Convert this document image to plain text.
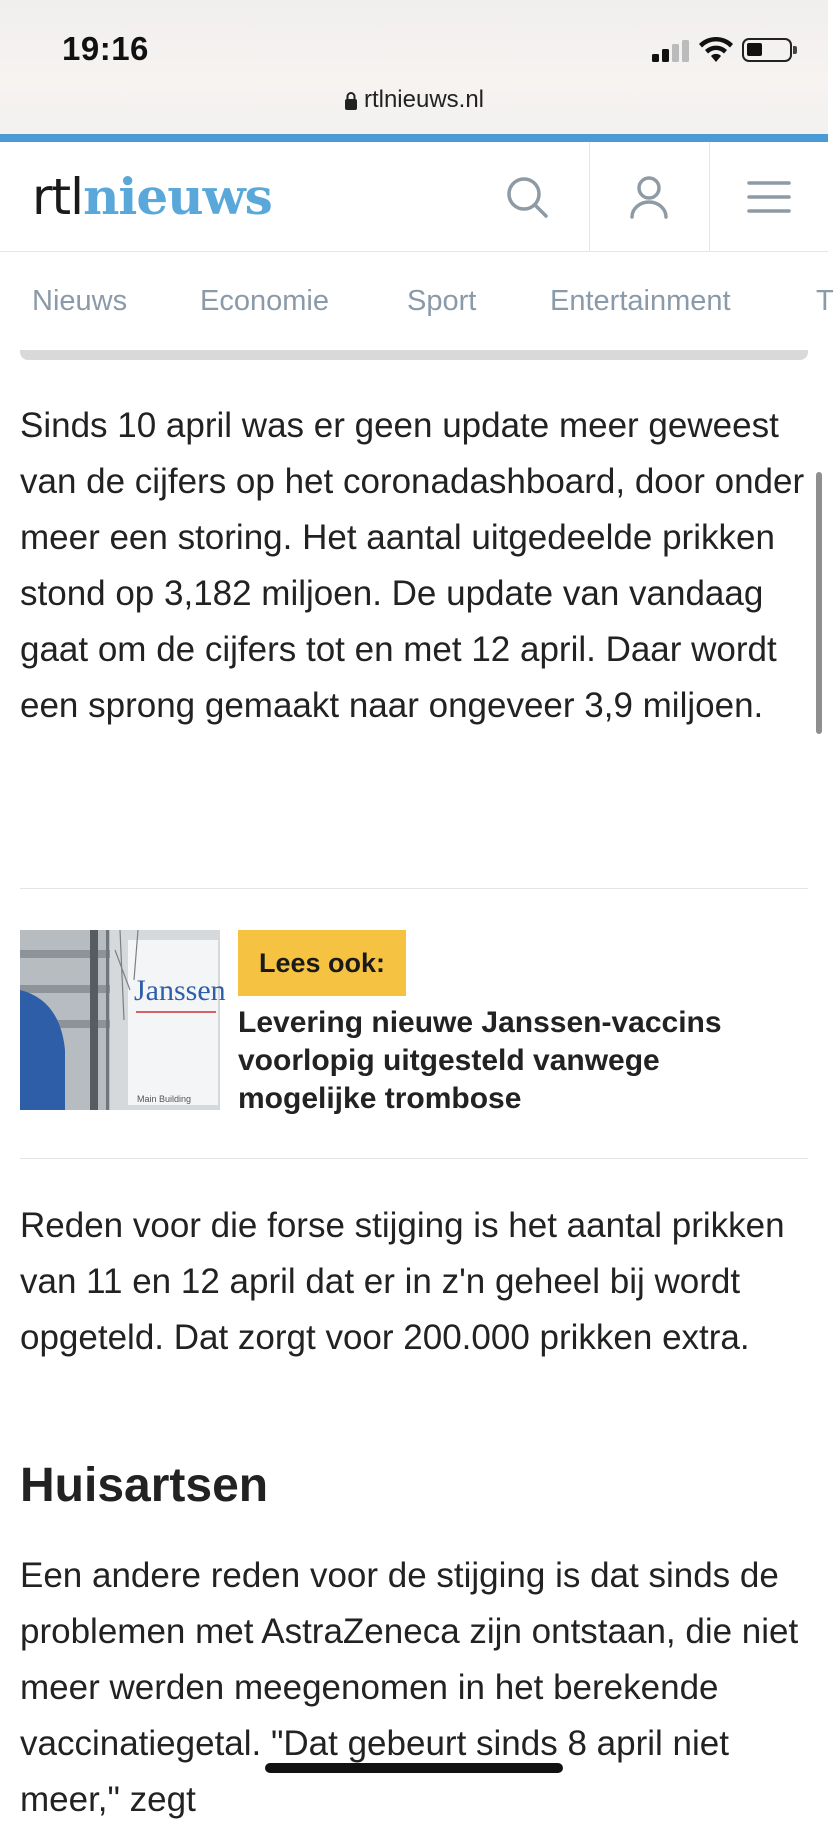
19:16
rtlnieuws.nl
rtlnieuws
Nieuws	Economie	Sport	Entertainment	T
Sinds 10 april was er geen update meer geweest van de cijfers op het coronadashboard, door onder meer een storing. Het aantal uitgedeelde prikken stond op 3,182 miljoen. De update van vandaag gaat om de cijfers tot en met 12 april. Daar wordt een sprong gemaakt naar ongeveer 3,9 miljoen.
Janssen
Main Building
Lees ook:
Levering nieuwe Janssen-vaccins voorlopig uitgesteld vanwege mogelijke trombose
Reden voor die forse stijging is het aantal prikken van 11 en 12 april dat er in z'n geheel bij wordt opgeteld. Dat zorgt voor 200.000 prikken extra.
Huisartsen
Een andere reden voor de stijging is dat sinds de problemen met AstraZeneca zijn ontstaan, die niet meer werden meegenomen in het berekende vaccinatiegetal. "Dat gebeurt sinds 8 april niet meer," zegt
